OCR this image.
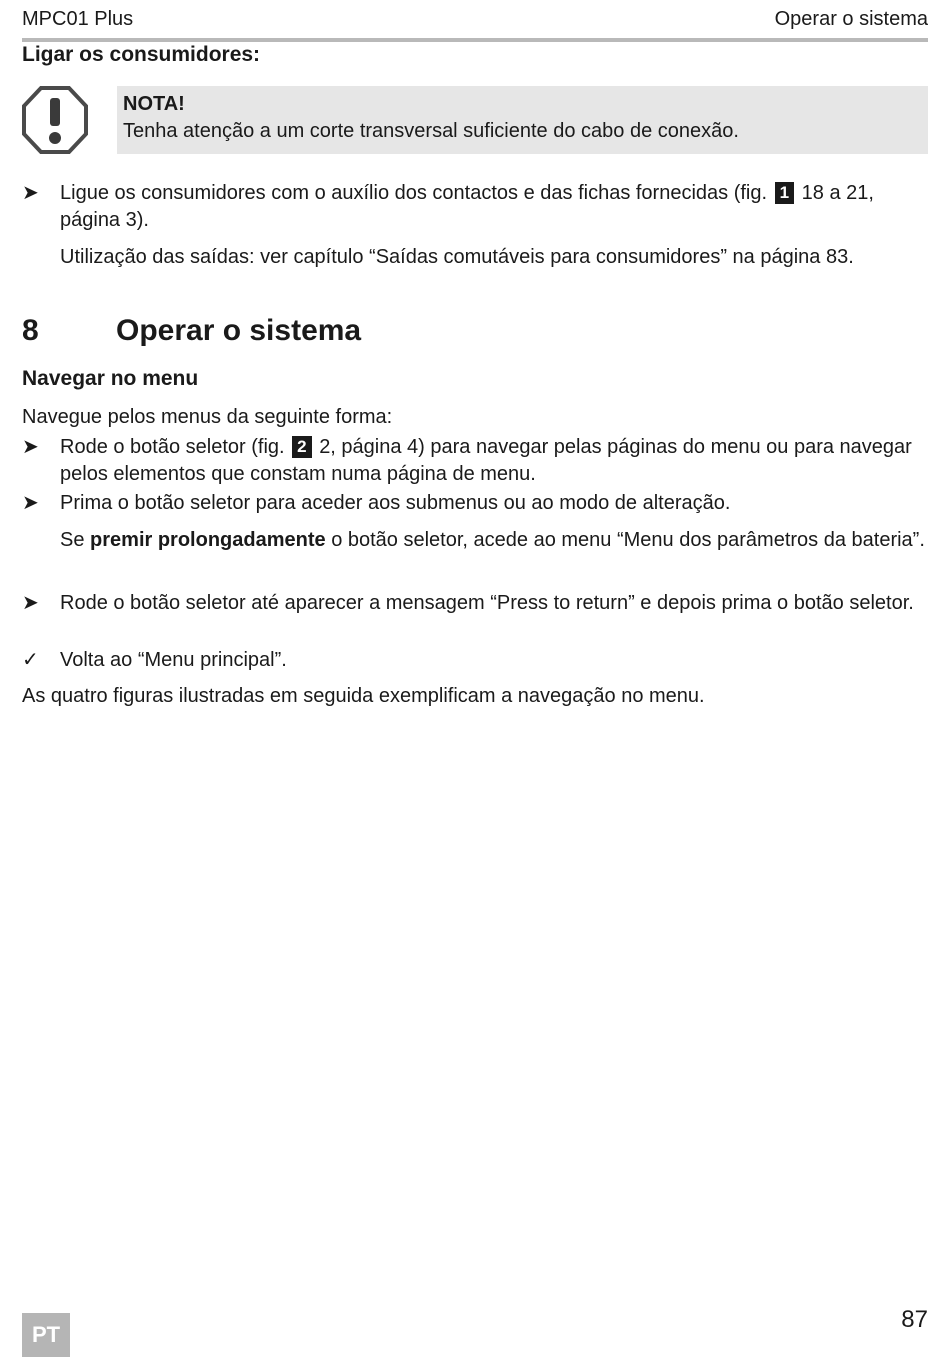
MPC01 Plus	Operar o sistema
Ligar os consumidores:
NOTA!
Tenha atenção a um corte transversal suficiente do cabo de conexão.
➤	Ligue os consumidores com o auxílio dos contactos e das fichas fornecidas (fig. 1 18 a 21, página 3).
Utilização das saídas: ver capítulo “Saídas comutáveis para consumidores” na página 83.
8	Operar o sistema
Navegar no menu
Navegue pelos menus da seguinte forma:
➤	Rode o botão seletor (fig. 2 2, página 4) para navegar pelas páginas do menu ou para navegar pelos elementos que constam numa página de menu.
➤	Prima o botão seletor para aceder aos submenus ou ao modo de alteração.
Se premir prolongadamente o botão seletor, acede ao menu “Menu dos parâmetros da bateria”.
➤	Rode o botão seletor até aparecer a mensagem “Press to return” e depois prima o botão seletor.
✓	Volta ao “Menu principal”.
As quatro figuras ilustradas em seguida exemplificam a navegação no menu.
PT
87
